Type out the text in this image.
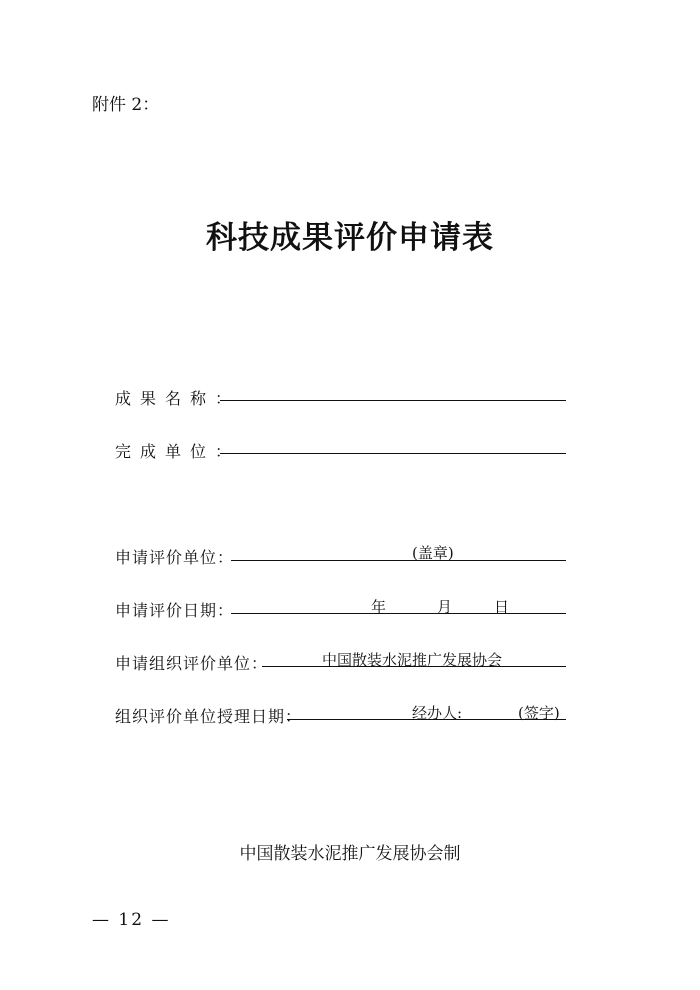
附件 2：
科技成果评价申请表
成果名称：
完成单位：
申请评价单位：	(盖章)
申请评价日期：	年	月	日
申请组织评价单位：	中国散装水泥推广发展协会
组织评价单位授理日期：	经办人:	(签字)
中国散装水泥推广发展协会制
— 12 —
